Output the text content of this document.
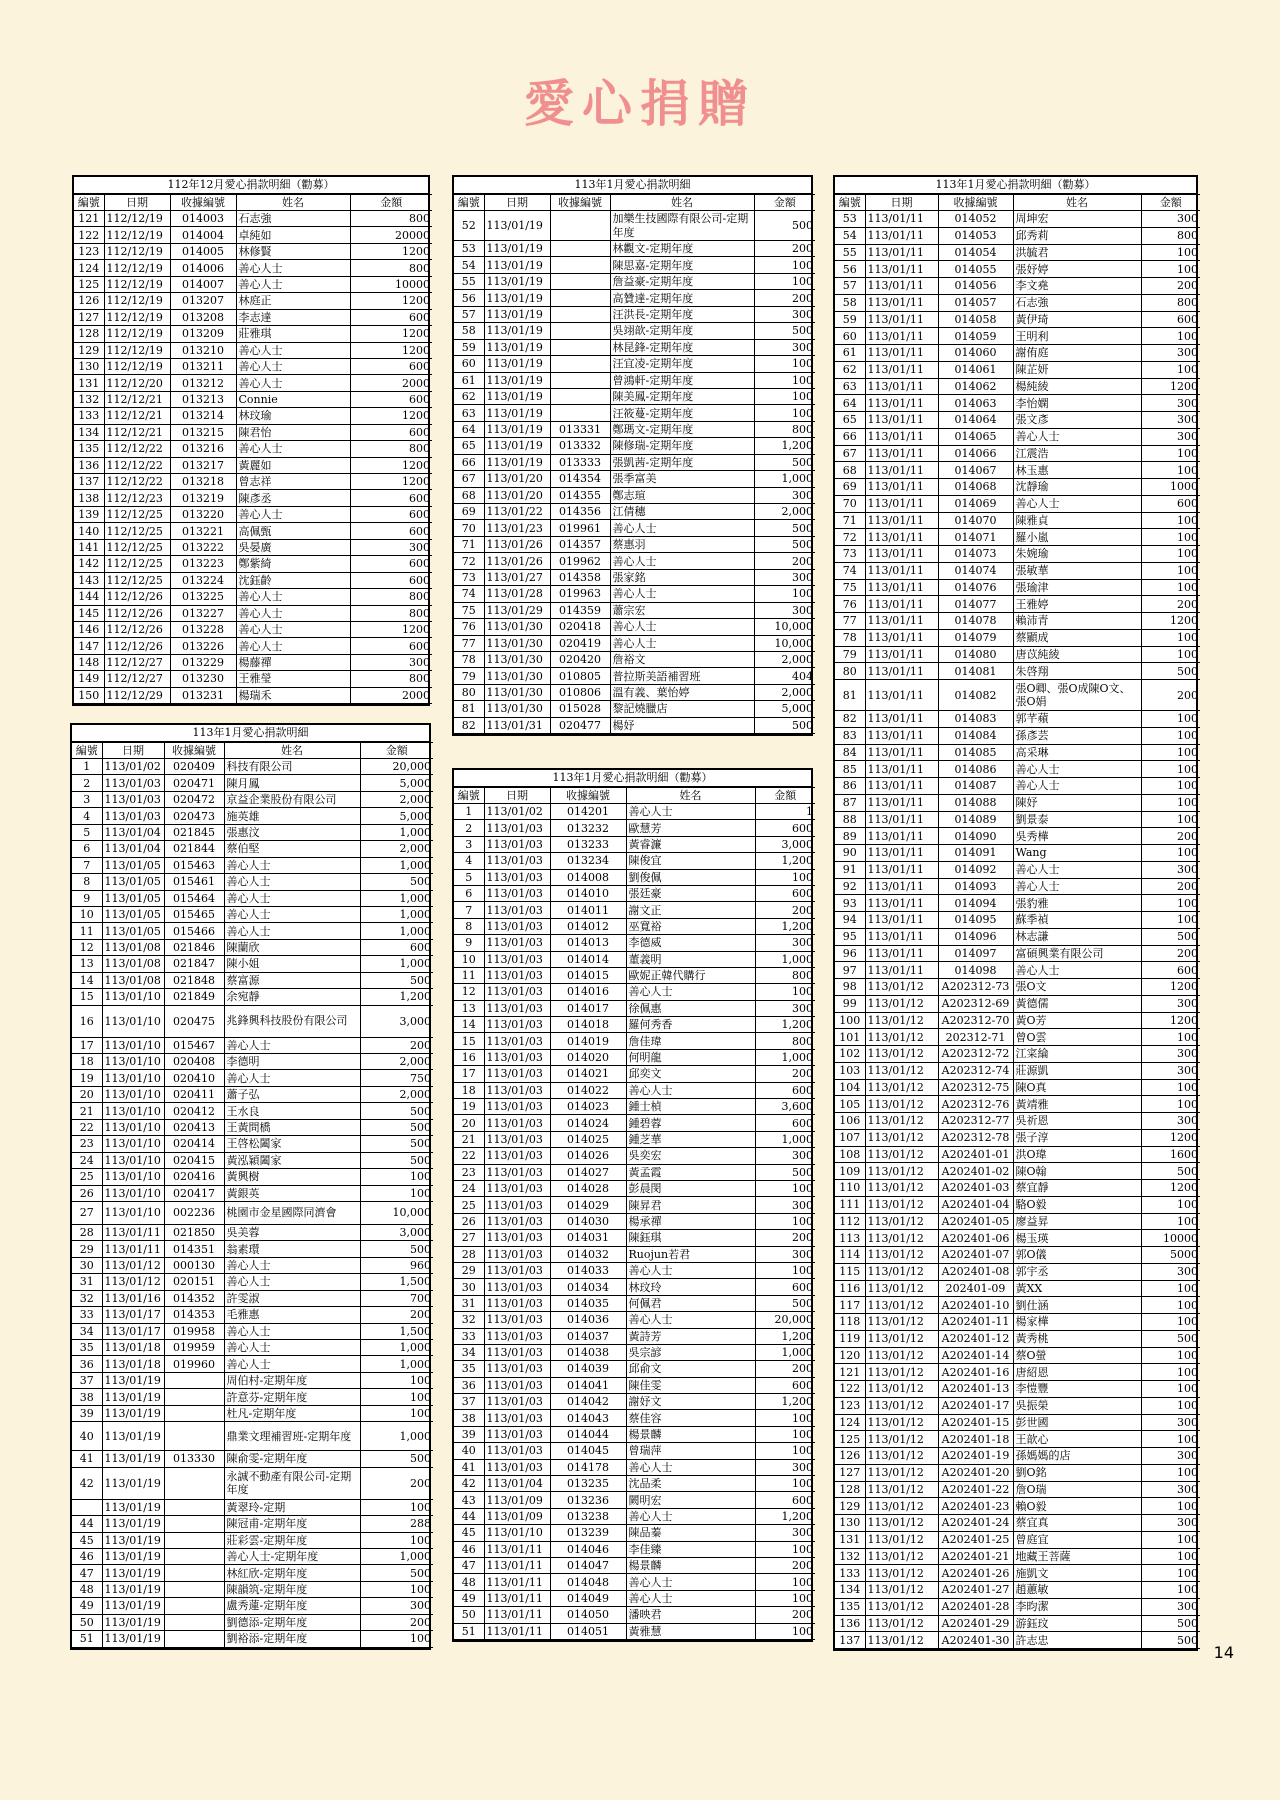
愛心捐贈
112年12月愛心捐款明細（勸募）
編號	日期	收據編號	姓名	金額
121	112/12/19	014003	石志強	800
122	112/12/19	014004	卓純如	20000
123	112/12/19	014005	林修賢	1200
124	112/12/19	014006	善心人士	800
125	112/12/19	014007	善心人士	10000
126	112/12/19	013207	林庭正	1200
127	112/12/19	013208	李志達	600
128	112/12/19	013209	莊雅琪	1200
129	112/12/19	013210	善心人士	1200
130	112/12/19	013211	善心人士	600
131	112/12/20	013212	善心人士	2000
132	112/12/21	013213	Connie	600
133	112/12/21	013214	林玟瑜	1200
134	112/12/21	013215	陳君怡	600
135	112/12/22	013216	善心人士	800
136	112/12/22	013217	黃麗如	1200
137	112/12/22	013218	曾志祥	1200
138	112/12/23	013219	陳彥丞	600
139	112/12/25	013220	善心人士	600
140	112/12/25	013221	高佩甄	600
141	112/12/25	013222	吳晏廣	300
142	112/12/25	013223	鄭紫綺	600
143	112/12/25	013224	沈鈺齡	600
144	112/12/26	013225	善心人士	800
145	112/12/26	013227	善心人士	800
146	112/12/26	013228	善心人士	1200
147	112/12/26	013226	善心人士	600
148	112/12/27	013229	楊藤禪	300
149	112/12/27	013230	王雅瑩	800
150	112/12/29	013231	楊瑞禾	2000
113年1月愛心捐款明細
編號	日期	收據編號	姓名	金額
1	113/01/02	020409	科技有限公司	20,000
2	113/01/03	020471	陳月鳳	5,000
3	113/01/03	020472	京益企業股份有限公司	2,000
4	113/01/03	020473	施英雄	5,000
5	113/01/04	021845	張惠汶	1,000
6	113/01/04	021844	蔡伯堅	2,000
7	113/01/05	015463	善心人士	1,000
8	113/01/05	015461	善心人士	500
9	113/01/05	015464	善心人士	1,000
10	113/01/05	015465	善心人士	1,000
11	113/01/05	015466	善心人士	1,000
12	113/01/08	021846	陳蘭欣	600
13	113/01/08	021847	陳小姐	1,000
14	113/01/08	021848	蔡富源	500
15	113/01/10	021849	余宛靜	1,200
16	113/01/10	020475	兆鋒興科技股份有限公司	3,000
17	113/01/10	015467	善心人士	200
18	113/01/10	020408	李德明	2,000
19	113/01/10	020410	善心人士	750
20	113/01/10	020411	蕭子弘	2,000
21	113/01/10	020412	王水良	500
22	113/01/10	020413	王黃問橋	500
23	113/01/10	020414	王啓松闔家	500
24	113/01/10	020415	黃泓穎闔家	500
25	113/01/10	020416	黃興樹	100
26	113/01/10	020417	黃銀英	100
27	113/01/10	002236	桃園市金星國際同濟會	10,000
28	113/01/11	021850	吳美蓉	3,000
29	113/01/11	014351	翁素環	500
30	113/01/12	000130	善心人士	960
31	113/01/12	020151	善心人士	1,500
32	113/01/16	014352	許雯淑	700
33	113/01/17	014353	毛雅惠	200
34	113/01/17	019958	善心人士	1,500
35	113/01/18	019959	善心人士	1,000
36	113/01/18	019960	善心人士	1,000
37	113/01/19		周伯村-定期年度	100
38	113/01/19		許意芬-定期年度	100
39	113/01/19		杜凡-定期年度	100
40	113/01/19		鼎業文理補習班-定期年度	1,000
41	113/01/19	013330	陳俞雯-定期年度	500
42	113/01/19		永誠不動產有限公司-定期年度	200
	113/01/19		黃翠玲-定期	100
44	113/01/19		陳冠甫-定期年度	288
45	113/01/19		莊彩雲-定期年度	100
46	113/01/19		善心人士-定期年度	1,000
47	113/01/19		林紅欣-定期年度	500
48	113/01/19		陳韻筑-定期年度	100
49	113/01/19		盧秀蓮-定期年度	300
50	113/01/19		劉德添-定期年度	200
51	113/01/19		劉裕添-定期年度	100
113年1月愛心捐款明細
編號	日期	收據編號	姓名	金額
52	113/01/19		加樂生技國際有限公司-定期年度	500
53	113/01/19		林觀文-定期年度	200
54	113/01/19		陳思嘉-定期年度	100
55	113/01/19		詹益豪-定期年度	100
56	113/01/19		高贊達-定期年度	200
57	113/01/19		汪洪長-定期年度	300
58	113/01/19		吳翊歆-定期年度	500
59	113/01/19		林昆鋒-定期年度	300
60	113/01/19		汪宜凌-定期年度	100
61	113/01/19		曾鴻軒-定期年度	100
62	113/01/19		陳美鳳-定期年度	100
63	113/01/19		汪筱蔓-定期年度	100
64	113/01/19	013331	鄭瑪文-定期年度	800
65	113/01/19	013332	陳修瑞-定期年度	1,200
66	113/01/19	013333	張凱茜-定期年度	500
67	113/01/20	014354	張季富美	1,000
68	113/01/20	014355	鄭志瑄	300
69	113/01/22	014356	江倩穗	2,000
70	113/01/23	019961	善心人士	500
71	113/01/26	014357	蔡惠羽	500
72	113/01/26	019962	善心人士	200
73	113/01/27	014358	張家銘	300
74	113/01/28	019963	善心人士	100
75	113/01/29	014359	蕭宗宏	300
76	113/01/30	020418	善心人士	10,000
77	113/01/30	020419	善心人士	10,000
78	113/01/30	020420	詹裕文	2,000
79	113/01/30	010805	普拉斯美語補習班	404
80	113/01/30	010806	溫有義、葉怡婷	2,000
81	113/01/30	015028	黎記燒臘店	5,000
82	113/01/31	020477	楊妤	500
113年1月愛心捐款明細（勸募）
編號	日期	收據編號	姓名	金額
1	113/01/02	014201	善心人士	1
2	113/01/03	013232	歐慧芳	600
3	113/01/03	013233	黃睿濂	3,000
4	113/01/03	013234	陳俊宜	1,200
5	113/01/03	014008	劉俊佩	100
6	113/01/03	014010	張廷豪	600
7	113/01/03	014011	謝文正	200
8	113/01/03	014012	巫寬裕	1,200
9	113/01/03	014013	李德威	300
10	113/01/03	014014	董義明	1,000
11	113/01/03	014015	歐妮正韓代購行	800
12	113/01/03	014016	善心人士	100
13	113/01/03	014017	徐佩惠	300
14	113/01/03	014018	羅何秀香	1,200
15	113/01/03	014019	詹佳瑋	800
16	113/01/03	014020	何明龍	1,000
17	113/01/03	014021	邱奕文	200
18	113/01/03	014022	善心人士	600
19	113/01/03	014023	鍾士楨	3,600
20	113/01/03	014024	鍾碧蓉	600
21	113/01/03	014025	鍾芝華	1,000
22	113/01/03	014026	吳奕宏	300
23	113/01/03	014027	黃孟霞	500
24	113/01/03	014028	彭晨閔	100
25	113/01/03	014029	陳昇君	300
26	113/01/03	014030	楊承禪	100
27	113/01/03	014031	陳鈺琪	200
28	113/01/03	014032	Ruojun若君	300
29	113/01/03	014033	善心人士	100
30	113/01/03	014034	林玟玲	600
31	113/01/03	014035	何佩君	500
32	113/01/03	014036	善心人士	20,000
33	113/01/03	014037	黃詩芳	1,200
34	113/01/03	014038	吳宗諺	1,000
35	113/01/03	014039	邱俞文	200
36	113/01/03	014041	陳佳雯	600
37	113/01/03	014042	謝妤文	1,200
38	113/01/03	014043	蔡佳容	100
39	113/01/03	014044	楊景麟	100
40	113/01/03	014045	曾瑞萍	100
41	113/01/03	014178	善心人士	300
42	113/01/04	013235	沈品柔	100
43	113/01/09	013236	闕明宏	600
44	113/01/09	013238	善心人士	1,200
45	113/01/10	013239	陳品蓁	300
46	113/01/11	014046	李佳臻	100
47	113/01/11	014047	楊景麟	200
48	113/01/11	014048	善心人士	100
49	113/01/11	014049	善心人士	100
50	113/01/11	014050	潘映君	200
51	113/01/11	014051	黃雅慧	100
113年1月愛心捐款明細（勸募）
編號	日期	收據編號	姓名	金額
53	113/01/11	014052	周坤宏	300
54	113/01/11	014053	邱秀莉	800
55	113/01/11	014054	洪毓君	100
56	113/01/11	014055	張妤婷	100
57	113/01/11	014056	李文堯	200
58	113/01/11	014057	石志強	800
59	113/01/11	014058	黃伊琦	600
60	113/01/11	014059	王明利	100
61	113/01/11	014060	謝侑庭	300
62	113/01/11	014061	陳芷妍	100
63	113/01/11	014062	楊純綾	1200
64	113/01/11	014063	李怡嫻	300
65	113/01/11	014064	張文彥	300
66	113/01/11	014065	善心人士	300
67	113/01/11	014066	江震浩	100
68	113/01/11	014067	林玉惠	100
69	113/01/11	014068	沈靜瑜	1000
70	113/01/11	014069	善心人士	600
71	113/01/11	014070	陳雅貞	100
72	113/01/11	014071	羅小嵐	100
73	113/01/11	014073	朱婉瑜	100
74	113/01/11	014074	張敏華	100
75	113/01/11	014076	張瑜津	100
76	113/01/11	014077	王雅婷	200
77	113/01/11	014078	賴沛青	1200
78	113/01/11	014079	蔡顯成	100
79	113/01/11	014080	唐苡純綾	100
80	113/01/11	014081	朱啓翔	500
81	113/01/11	014082	張O卿、張O成陳O文、張O娟	200
82	113/01/11	014083	郭芊蘋	100
83	113/01/11	014084	孫彥芸	100
84	113/01/11	014085	高采琳	100
85	113/01/11	014086	善心人士	100
86	113/01/11	014087	善心人士	100
87	113/01/11	014088	陳妤	100
88	113/01/11	014089	劉景泰	100
89	113/01/11	014090	吳秀樺	200
90	113/01/11	014091	Wang	100
91	113/01/11	014092	善心人士	300
92	113/01/11	014093	善心人士	200
93	113/01/11	014094	張豹雅	100
94	113/01/11	014095	蘇季禎	100
95	113/01/11	014096	林志謙	500
96	113/01/11	014097	富碩興業有限公司	200
97	113/01/11	014098	善心人士	600
98	113/01/12	A202312-73	張O文	1200
99	113/01/12	A202312-69	黃德儒	300
100	113/01/12	A202312-70	黃O芳	1200
101	113/01/12	202312-71	曾O雲	100
102	113/01/12	A202312-72	江寀綸	300
103	113/01/12	A202312-74	莊源凱	300
104	113/01/12	A202312-75	陳O真	100
105	113/01/12	A202312-76	黃靖雅	100
106	113/01/12	A202312-77	吳祈恩	300
107	113/01/12	A202312-78	張子淳	1200
108	113/01/12	A202401-01	洪O瑋	1600
109	113/01/12	A202401-02	陳O翰	500
110	113/01/12	A202401-03	蔡宜靜	1200
111	113/01/12	A202401-04	駱O毅	100
112	113/01/12	A202401-05	廖益昇	100
113	113/01/12	A202401-06	楊玉瑛	10000
114	113/01/12	A202401-07	郭O儀	5000
115	113/01/12	A202401-08	郭宇丞	300
116	113/01/12	202401-09	黃XX	100
117	113/01/12	A202401-10	劉仕涵	100
118	113/01/12	A202401-11	楊家樺	100
119	113/01/12	A202401-12	黃秀桃	500
120	113/01/12	A202401-14	蔡O螢	100
121	113/01/12	A202401-16	唐紹恩	100
122	113/01/12	A202401-13	李愷豐	100
123	113/01/12	A202401-17	吳振榮	100
124	113/01/12	A202401-15	彭世國	300
125	113/01/12	A202401-18	王歆心	100
126	113/01/12	A202401-19	孫媽媽的店	300
127	113/01/12	A202401-20	劉O銘	100
128	113/01/12	A202401-22	詹O瑞	300
129	113/01/12	A202401-23	賴O毅	100
130	113/01/12	A202401-24	蔡宜真	300
131	113/01/12	A202401-25	曾庭宜	100
132	113/01/12	A202401-21	地藏王菩薩	100
133	113/01/12	A202401-26	施凱文	100
134	113/01/12	A202401-27	趙蕙敏	100
135	113/01/12	A202401-28	李昀潔	300
136	113/01/12	A202401-29	游鈺玟	500
137	113/01/12	A202401-30	許志忠	500
14
